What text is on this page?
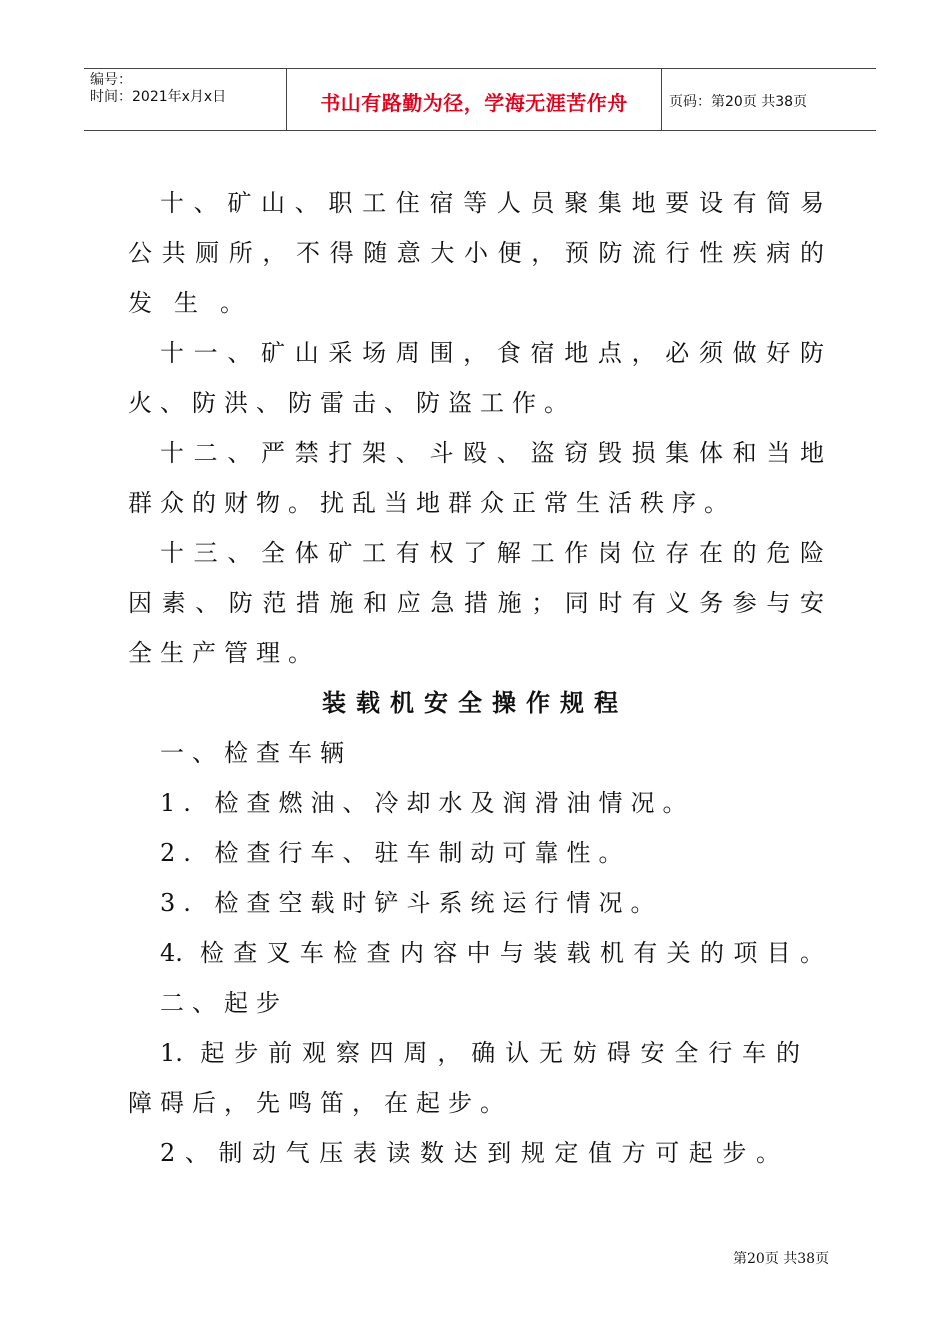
编号：
时间：2021年x月x日	书山有路勤为径，学海无涯苦作舟	页码：第20页 共38页
十、矿山、职工住宿等人员聚集地要设有简易
公共厕所，不得随意大小便，预防流行性疾病的
发生。
十一、矿山采场周围，食宿地点，必须做好防
火、防洪、防雷击、防盗工作。
十二、严禁打架、斗殴、盗窃毁损集体和当地
群众的财物。扰乱当地群众正常生活秩序。
十三、全体矿工有权了解工作岗位存在的危险
因素、防范措施和应急措施；同时有义务参与安
全生产管理。
装载机安全操作规程
一、检查车辆
1. 检查燃油、冷却水及润滑油情况。
2. 检查行车、驻车制动可靠性。
3. 检查空载时铲斗系统运行情况。
4. 检查叉车检查内容中与装载机有关的项目。
二、起步
1. 起步前观察四周，确认无妨碍安全行车的
障碍后，先鸣笛，在起步。
2、制动气压表读数达到规定值方可起步。
第20页 共38页
